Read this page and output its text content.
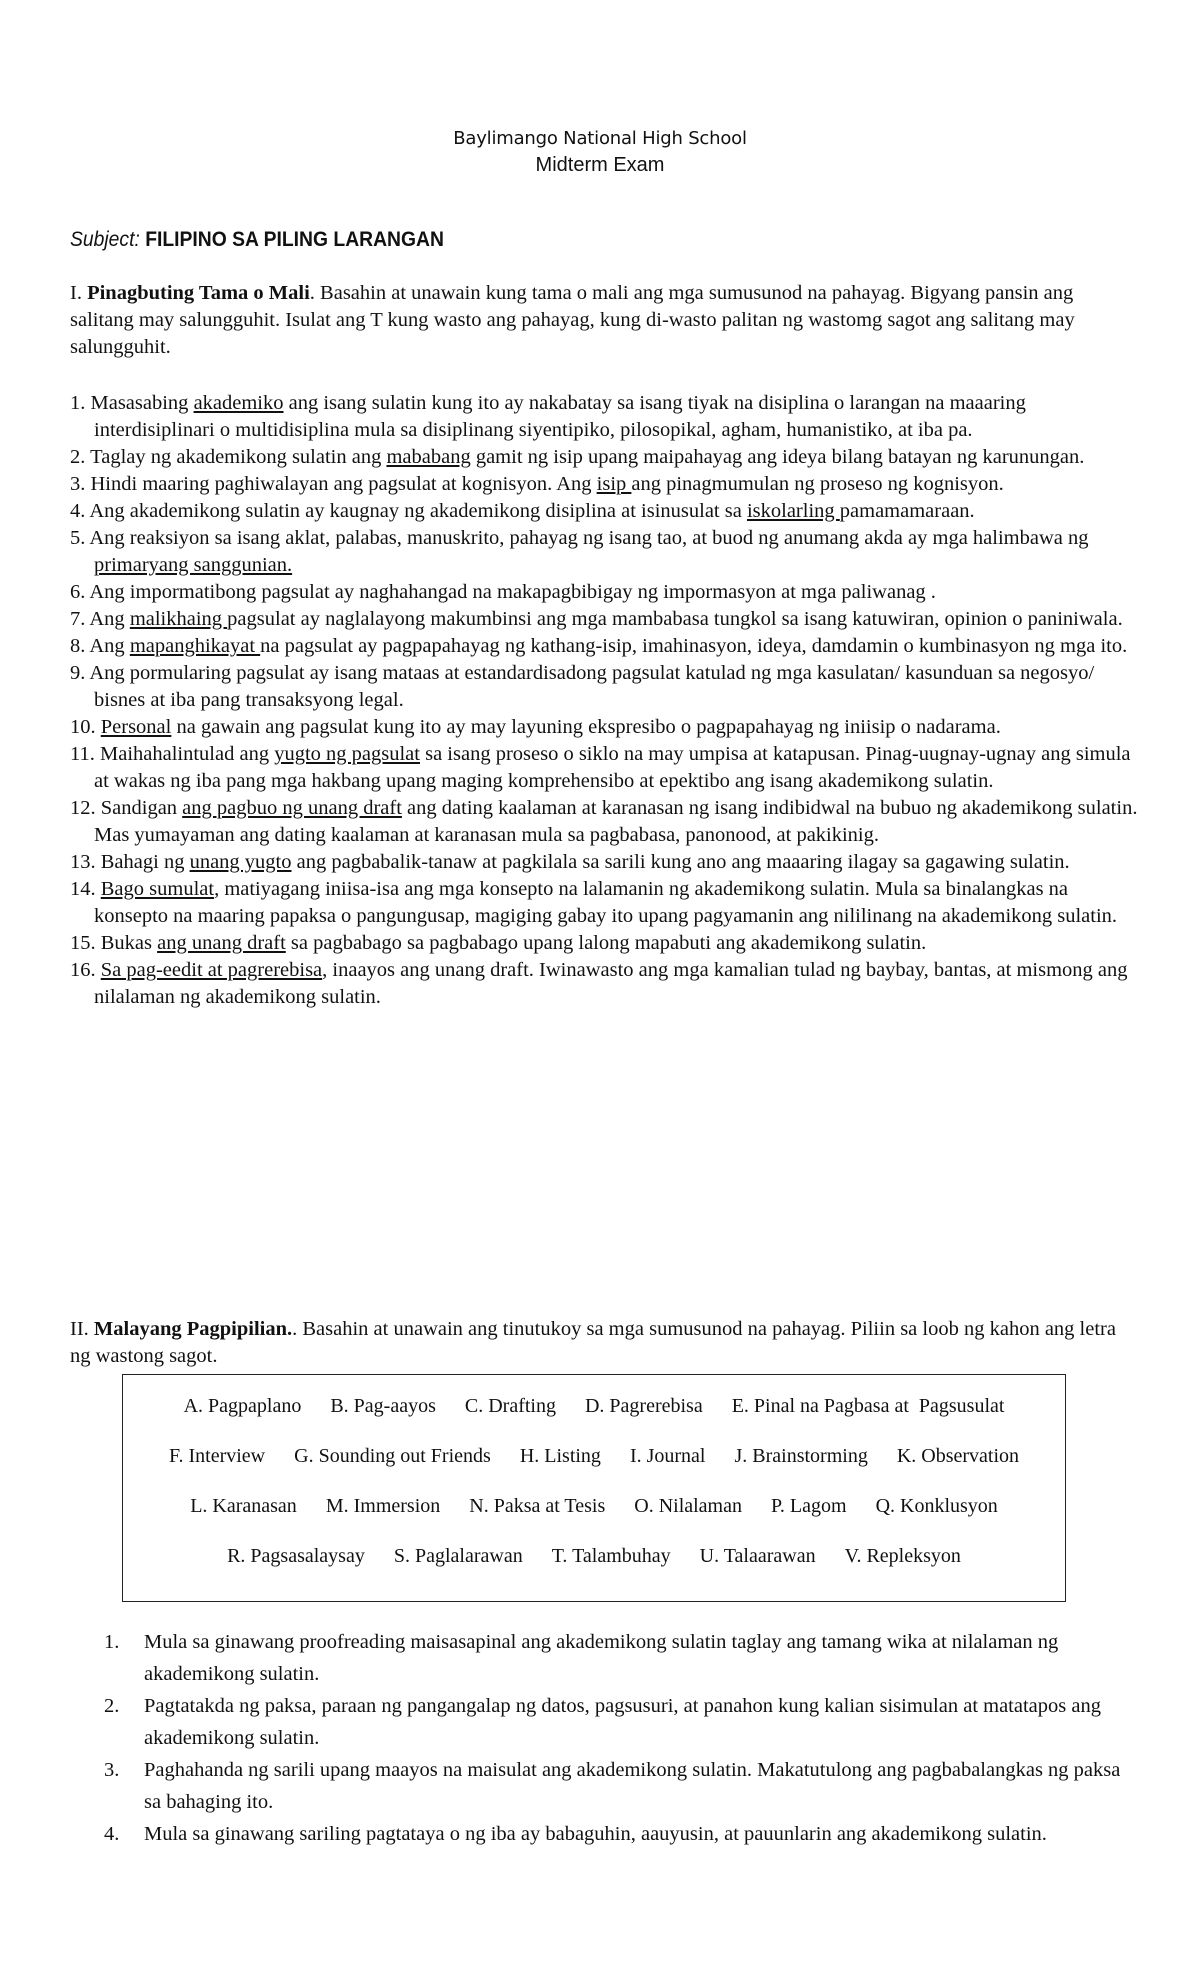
Baylimango National High School
Midterm Exam
Subject: FILIPINO SA PILING LARANGAN
I. Pinagbuting Tama o Mali. Basahin at unawain kung tama o mali ang mga sumusunod na pahayag. Bigyang pansin ang salitang may salungguhit. Isulat ang T kung wasto ang pahayag, kung di-wasto palitan ng wastomg sagot ang salitang may salungguhit.
1. Masasabing akademiko ang isang sulatin kung ito ay nakabatay sa isang tiyak na disiplina o larangan na maaaring interdisiplinari o multidisiplina mula sa disiplinang siyentipiko, pilosopikal, agham, humanistiko, at iba pa.
2. Taglay ng akademikong sulatin ang mababang gamit ng isip upang maipahayag ang ideya bilang batayan ng karunungan.
3. Hindi maaring paghiwalayan ang pagsulat at kognisyon. Ang isip ang pinagmumulan ng proseso ng kognisyon.
4. Ang akademikong sulatin ay kaugnay ng akademikong disiplina at isinusulat sa iskolarling pamamamaraan.
5. Ang reaksiyon sa isang aklat, palabas, manuskrito, pahayag ng isang tao, at buod ng anumang akda ay mga halimbawa ng primaryang sanggunian.
6. Ang impormatibong pagsulat ay naghahangad na makapagbibigay ng impormasyon at mga paliwanag .
7. Ang malikhaing pagsulat ay naglalayong makumbinsi ang mga mambabasa tungkol sa isang katuwiran, opinion o paniniwala.
8. Ang mapanghikayat na pagsulat ay pagpapahayag ng kathang-isip, imahinasyon, ideya, damdamin o kumbinasyon ng mga ito.
9. Ang pormularing pagsulat ay isang mataas at estandardisadong pagsulat katulad ng mga kasulatan/ kasunduan sa negosyo/ bisnes at iba pang transaksyong legal.
10. Personal na gawain ang pagsulat kung ito ay may layuning ekspresibo o pagpapahayag ng iniisip o nadarama.
11. Maihahalintulad ang yugto ng pagsulat sa isang proseso o siklo na may umpisa at katapusan. Pinag-uugnay-ugnay ang simula at wakas ng iba pang mga hakbang upang maging komprehensibo at epektibo ang isang akademikong sulatin.
12. Sandigan ang pagbuo ng unang draft ang dating kaalaman at karanasan ng isang indibidwal na bubuo ng akademikong sulatin. Mas yumayaman ang dating kaalaman at karanasan mula sa pagbabasa, panonood, at pakikinig.
13. Bahagi ng unang yugto ang pagbabalik-tanaw at pagkilala sa sarili kung ano ang maaaring ilagay sa gagawing sulatin.
14. Bago sumulat, matiyagang iniisa-isa ang mga konsepto na lalamanin ng akademikong sulatin. Mula sa binalangkas na konsepto na maaring papaksa o pangungusap, magiging gabay ito upang pagyamanin ang nililinang na akademikong sulatin.
15. Bukas ang unang draft sa pagbabago sa pagbabago upang lalong mapabuti ang akademikong sulatin.
16. Sa pag-eedit at pagrerebisa, inaayos ang unang draft. Iwinawasto ang mga kamalian tulad ng baybay, bantas, at mismong ang nilalaman ng akademikong sulatin.
II. Malayang Pagpipilian.. Basahin at unawain ang tinutukoy sa mga sumusunod na pahayag. Piliin sa loob ng kahon ang letra ng wastong sagot.
A. Pagpaplano B. Pag-aayos C. Drafting D. Pagrerebisa E. Pinal na Pagbasa at  Pagsusulat
F. Interview G. Sounding out Friends H. Listing I. Journal J. Brainstorming K. Observation
L. Karanasan M. Immersion N. Paksa at Tesis O. Nilalaman P. Lagom Q. Konklusyon
R. Pagsasalaysay S. Paglalarawan T. Talambuhay U. Talaarawan V. Repleksyon
1. Mula sa ginawang proofreading maisasapinal ang akademikong sulatin taglay ang tamang wika at nilalaman ng akademikong sulatin.
2. Pagtatakda ng paksa, paraan ng pangangalap ng datos, pagsusuri, at panahon kung kalian sisimulan at matatapos ang akademikong sulatin.
3. Paghahanda ng sarili upang maayos na maisulat ang akademikong sulatin. Makatutulong ang pagbabalangkas ng paksa sa bahaging ito.
4. Mula sa ginawang sariling pagtataya o ng iba ay babaguhin, aauyusin, at pauunlarin ang akademikong sulatin.
